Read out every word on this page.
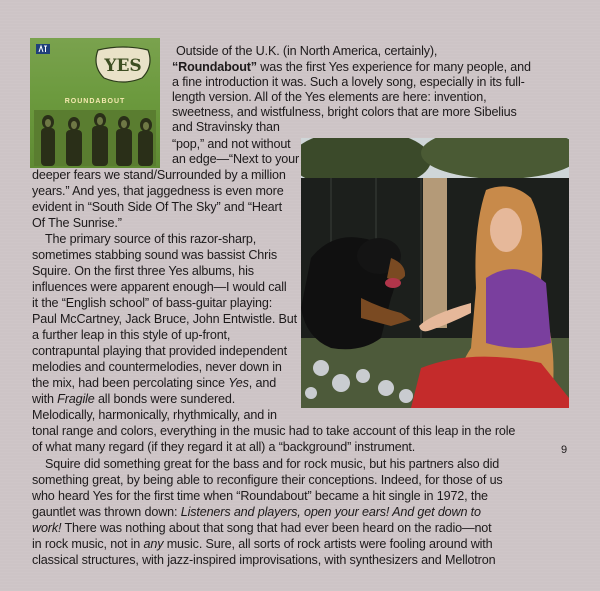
YES
ROUNDABOUT
Outside of the U.K. (in North America, certainly),
“Roundabout” was the first Yes experience for many people, and
a fine introduction it was. Such a lovely song, especially in its full-
length version. All of the Yes elements are here: invention,
sweetness, and wistfulness, bright colors that are more Sibelius
and Stravinsky than
“pop,” and not without
an edge—“Next to your
deeper fears we stand/Surrounded by a million
years.” And yes, that jaggedness is even more
evident in “South Side Of The Sky” and “Heart
Of The Sunrise.”
The primary source of this razor-sharp,
sometimes stabbing sound was bassist Chris
Squire. On the first three Yes albums, his
influences were apparent enough—I would call
it the “English school” of bass-guitar playing:
Paul McCartney, Jack Bruce, John Entwistle. But
a further leap in this style of up-front,
contrapuntal playing that provided independent
melodies and countermelodies, never down in
the mix, had been percolating since Yes, and
with Fragile all bonds were sundered.
Melodically, harmonically, rhythmically, and in
tonal range and colors, everything in the music had to take account of this leap in the role
of what many regard (if they regard it at all) a “background” instrument.
Squire did something great for the bass and for rock music, but his partners also did
something great, by being able to reconfigure their conceptions. Indeed, for those of us
who heard Yes for the first time when “Roundabout” became a hit single in 1972, the
gauntlet was thrown down: Listeners and players, open your ears! And get down to
work! There was nothing about that song that had ever been heard on the radio—not
in rock music, not in any music. Sure, all sorts of rock artists were fooling around with
classical structures, with jazz-inspired improvisations, with synthesizers and Mellotron
9
